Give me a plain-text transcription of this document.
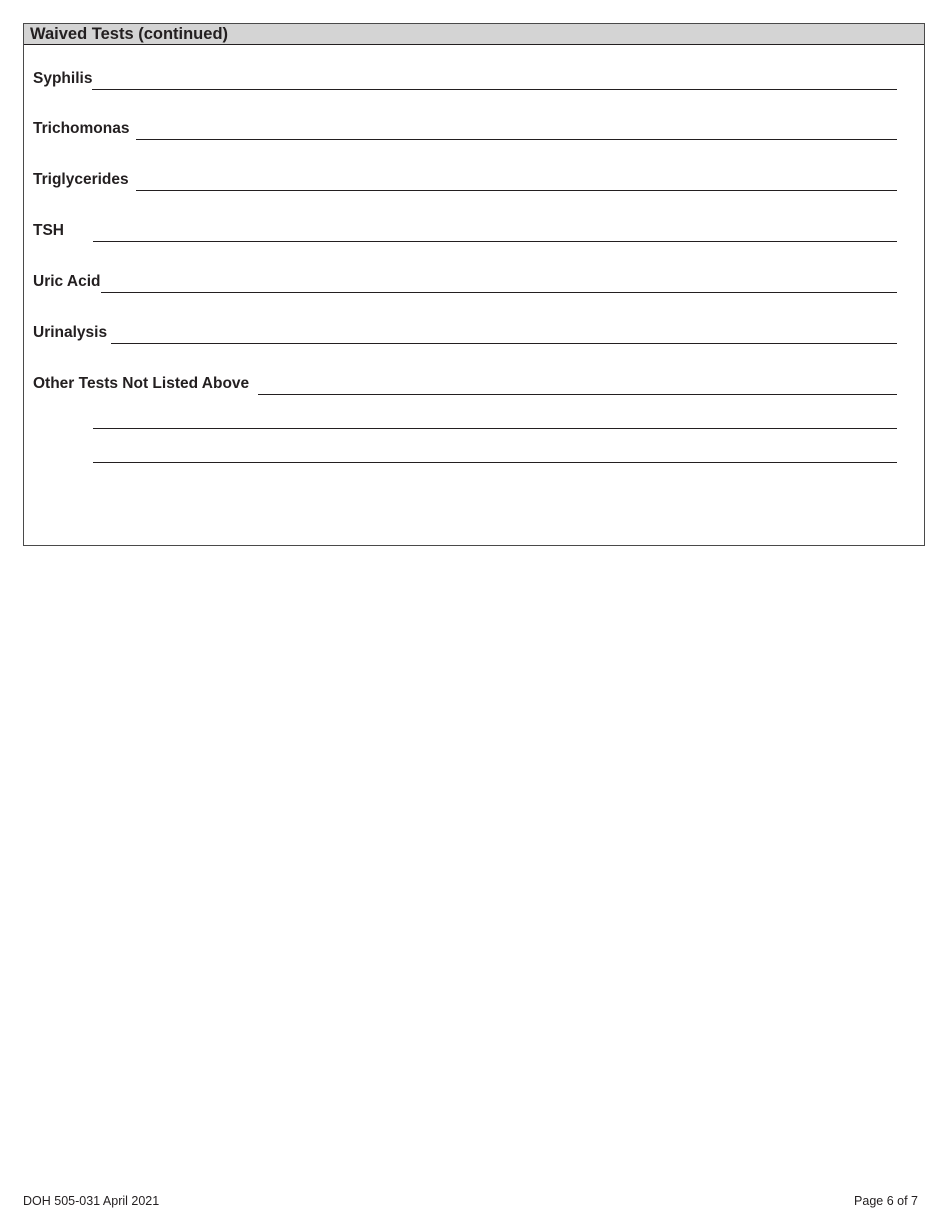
Waived Tests (continued)
Syphilis
Trichomonas
Triglycerides
TSH
Uric Acid
Urinalysis
Other Tests Not Listed Above
DOH 505-031 April 2021	Page 6 of 7
